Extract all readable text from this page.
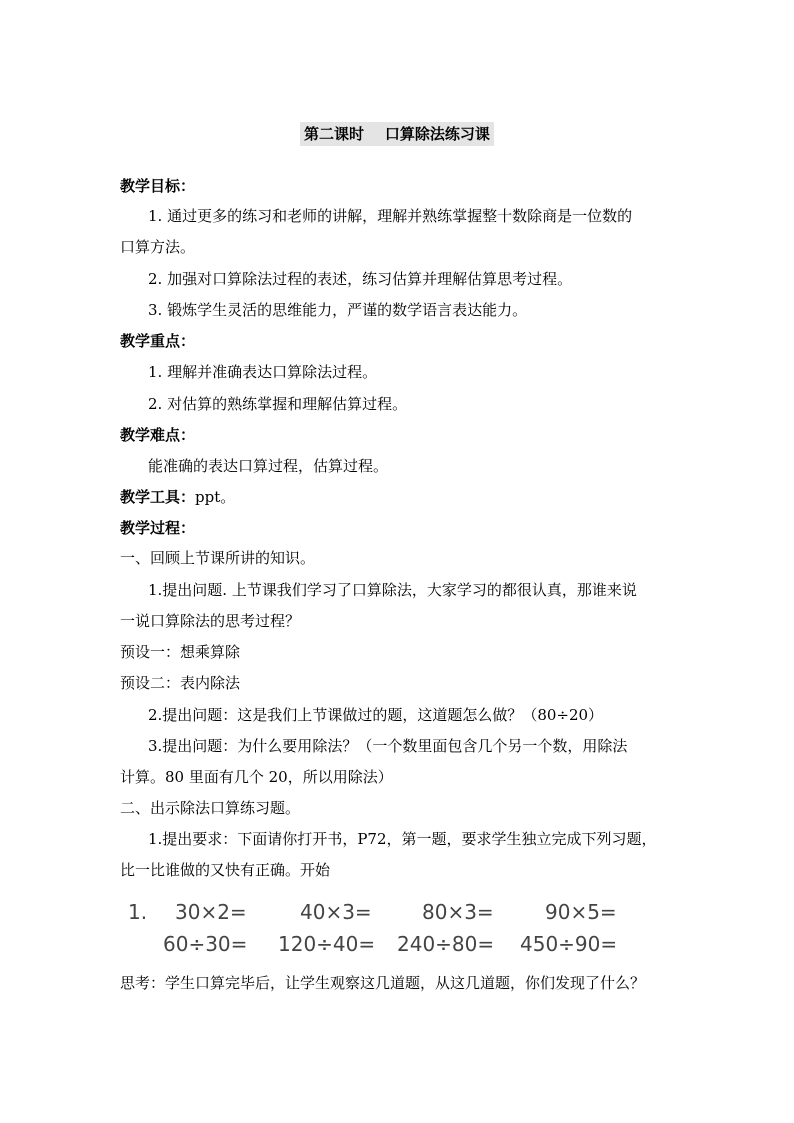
第二课时    口算除法练习课
教学目标：
1. 通过更多的练习和老师的讲解，理解并熟练掌握整十数除商是一位数的
口算方法。
2. 加强对口算除法过程的表述，练习估算并理解估算思考过程。
3. 锻炼学生灵活的思维能力，严谨的数学语言表达能力。
教学重点：
1. 理解并准确表达口算除法过程。
2. 对估算的熟练掌握和理解估算过程。
教学难点：
能准确的表达口算过程，估算过程。
教学工具：ppt。
教学过程：
一、回顾上节课所讲的知识。
1.提出问题. 上节课我们学习了口算除法，大家学习的都很认真，那谁来说
一说口算除法的思考过程？
预设一：想乘算除
预设二：表内除法
2.提出问题：这是我们上节课做过的题，这道题怎么做？（80÷20）
3.提出问题：为什么要用除法？（一个数里面包含几个另一个数，用除法
计算。80 里面有几个 20，所以用除法）
二、出示除法口算练习题。
1.提出要求：下面请你打开书，P72，第一题，要求学生独立完成下列习题，
比一比谁做的又快有正确。开始
1. 30×2=	40×3=	80×3=	90×5=
60÷30= 120÷40= 240÷80= 450÷90=
思考：学生口算完毕后，让学生观察这几道题，从这几道题，你们发现了什么？
